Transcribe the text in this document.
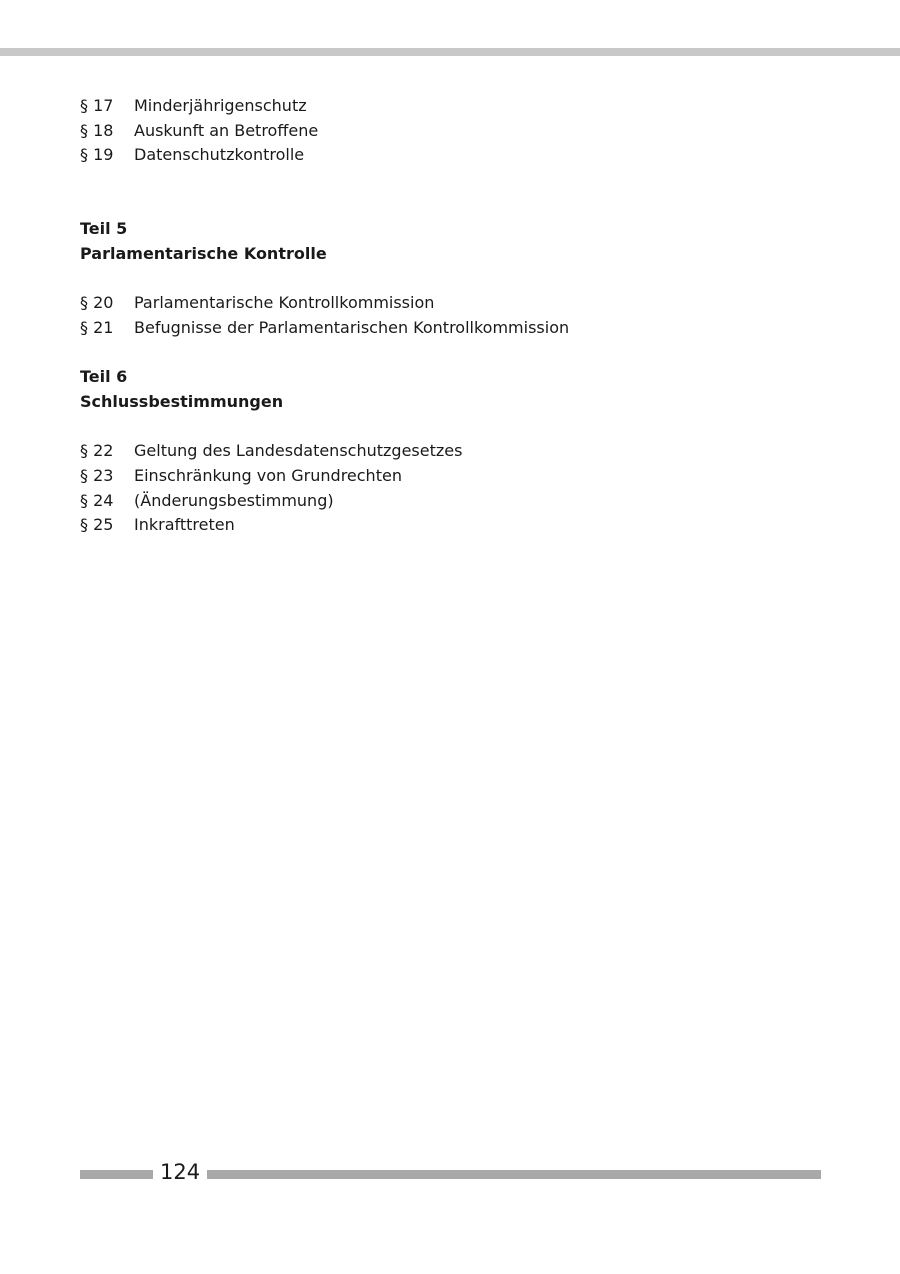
§ 17	Minderjährigenschutz
§ 18	Auskunft an Betroffene
§ 19	Datenschutzkontrolle
Teil 5
Parlamentarische Kontrolle
§ 20	Parlamentarische Kontrollkommission
§ 21	Befugnisse der Parlamentarischen Kontrollkommission
Teil 6
Schlussbestimmungen
§ 22	Geltung des Landesdatenschutzgesetzes
§ 23	Einschränkung von Grundrechten
§ 24	(Änderungsbestimmung)
§ 25	Inkrafttreten
124
